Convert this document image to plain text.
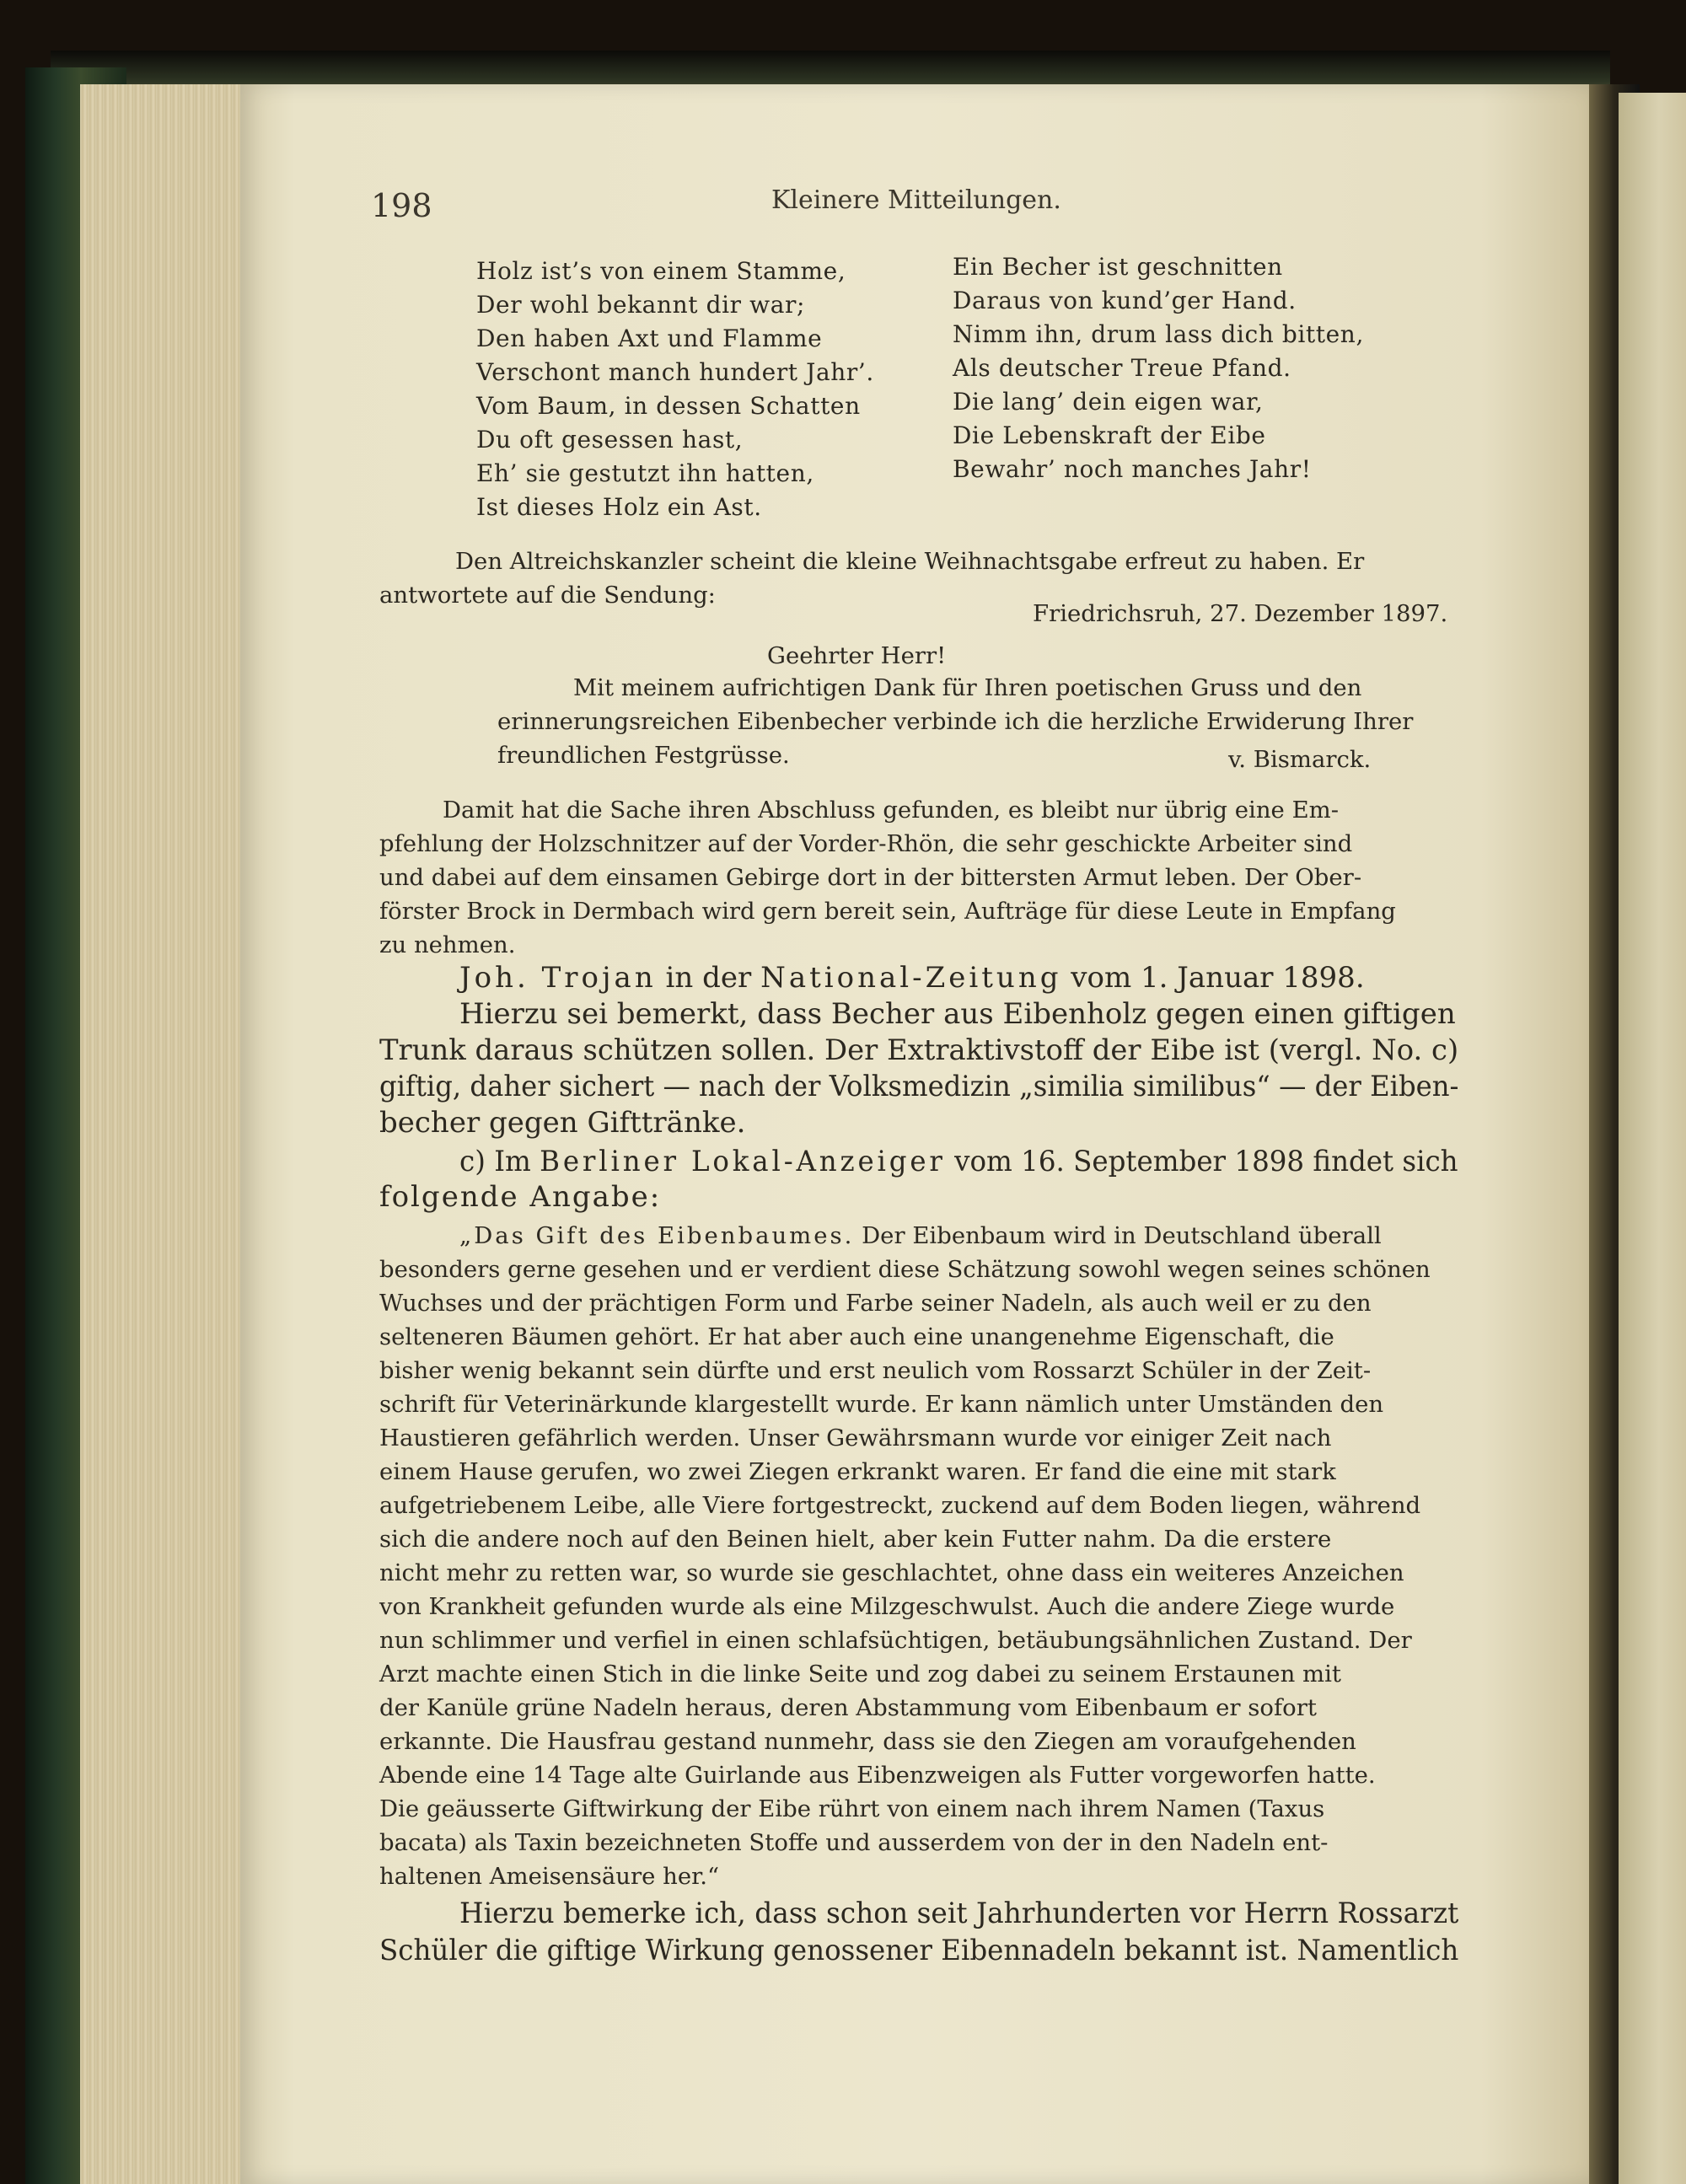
198	Kleinere Mitteilungen.
Holz ist’s von einem Stamme,
Der wohl bekannt dir war;
Den haben Axt und Flamme
Verschont manch hundert Jahr’.
Vom Baum, in dessen Schatten
Du oft gesessen hast,
Eh’ sie gestutzt ihn hatten,
Ist dieses Holz ein Ast.
Ein Becher ist geschnitten
Daraus von kund’ger Hand.
Nimm ihn, drum lass dich bitten,
Als deutscher Treue Pfand.
Die lang’ dein eigen war,
Die Lebenskraft der Eibe
Bewahr’ noch manches Jahr!
Den Altreichskanzler scheint die kleine Weihnachtsgabe erfreut zu haben. Er
antwortete auf die Sendung:
Friedrichsruh, 27. Dezember 1897.
Geehrter Herr!
Mit meinem aufrichtigen Dank für Ihren poetischen Gruss und den
erinnerungsreichen Eibenbecher verbinde ich die herzliche Erwiderung Ihrer
freundlichen Festgrüsse.	v. Bismarck.
Damit hat die Sache ihren Abschluss gefunden, es bleibt nur übrig eine Em-
pfehlung der Holzschnitzer auf der Vorder-Rhön, die sehr geschickte Arbeiter sind
und dabei auf dem einsamen Gebirge dort in der bittersten Armut leben. Der Ober-
förster Brock in Dermbach wird gern bereit sein, Aufträge für diese Leute in Empfang
zu nehmen.
Joh. Trojan in der National-Zeitung vom 1. Januar 1898.
Hierzu sei bemerkt, dass Becher aus Eibenholz gegen einen giftigen
Trunk daraus schützen sollen. Der Extraktivstoff der Eibe ist (vergl. No. c)
giftig, daher sichert — nach der Volksmedizin „similia similibus“ — der Eiben-
becher gegen Gifttränke.
c) Im Berliner Lokal-Anzeiger vom 16. September 1898 findet sich
folgende Angabe:
„Das Gift des Eibenbaumes. Der Eibenbaum wird in Deutschland überall
besonders gerne gesehen und er verdient diese Schätzung sowohl wegen seines schönen
Wuchses und der prächtigen Form und Farbe seiner Nadeln, als auch weil er zu den
selteneren Bäumen gehört. Er hat aber auch eine unangenehme Eigenschaft, die
bisher wenig bekannt sein dürfte und erst neulich vom Rossarzt Schüler in der Zeit-
schrift für Veterinärkunde klargestellt wurde. Er kann nämlich unter Umständen den
Haustieren gefährlich werden. Unser Gewährsmann wurde vor einiger Zeit nach
einem Hause gerufen, wo zwei Ziegen erkrankt waren. Er fand die eine mit stark
aufgetriebenem Leibe, alle Viere fortgestreckt, zuckend auf dem Boden liegen, während
sich die andere noch auf den Beinen hielt, aber kein Futter nahm. Da die erstere
nicht mehr zu retten war, so wurde sie geschlachtet, ohne dass ein weiteres Anzeichen
von Krankheit gefunden wurde als eine Milzgeschwulst. Auch die andere Ziege wurde
nun schlimmer und verfiel in einen schlafsüchtigen, betäubungsähnlichen Zustand. Der
Arzt machte einen Stich in die linke Seite und zog dabei zu seinem Erstaunen mit
der Kanüle grüne Nadeln heraus, deren Abstammung vom Eibenbaum er sofort
erkannte. Die Hausfrau gestand nunmehr, dass sie den Ziegen am voraufgehenden
Abende eine 14 Tage alte Guirlande aus Eibenzweigen als Futter vorgeworfen hatte.
Die geäusserte Giftwirkung der Eibe rührt von einem nach ihrem Namen (Taxus
bacata) als Taxin bezeichneten Stoffe und ausserdem von der in den Nadeln ent-
haltenen Ameisensäure her.“
Hierzu bemerke ich, dass schon seit Jahrhunderten vor Herrn Rossarzt
Schüler die giftige Wirkung genossener Eibennadeln bekannt ist. Namentlich
